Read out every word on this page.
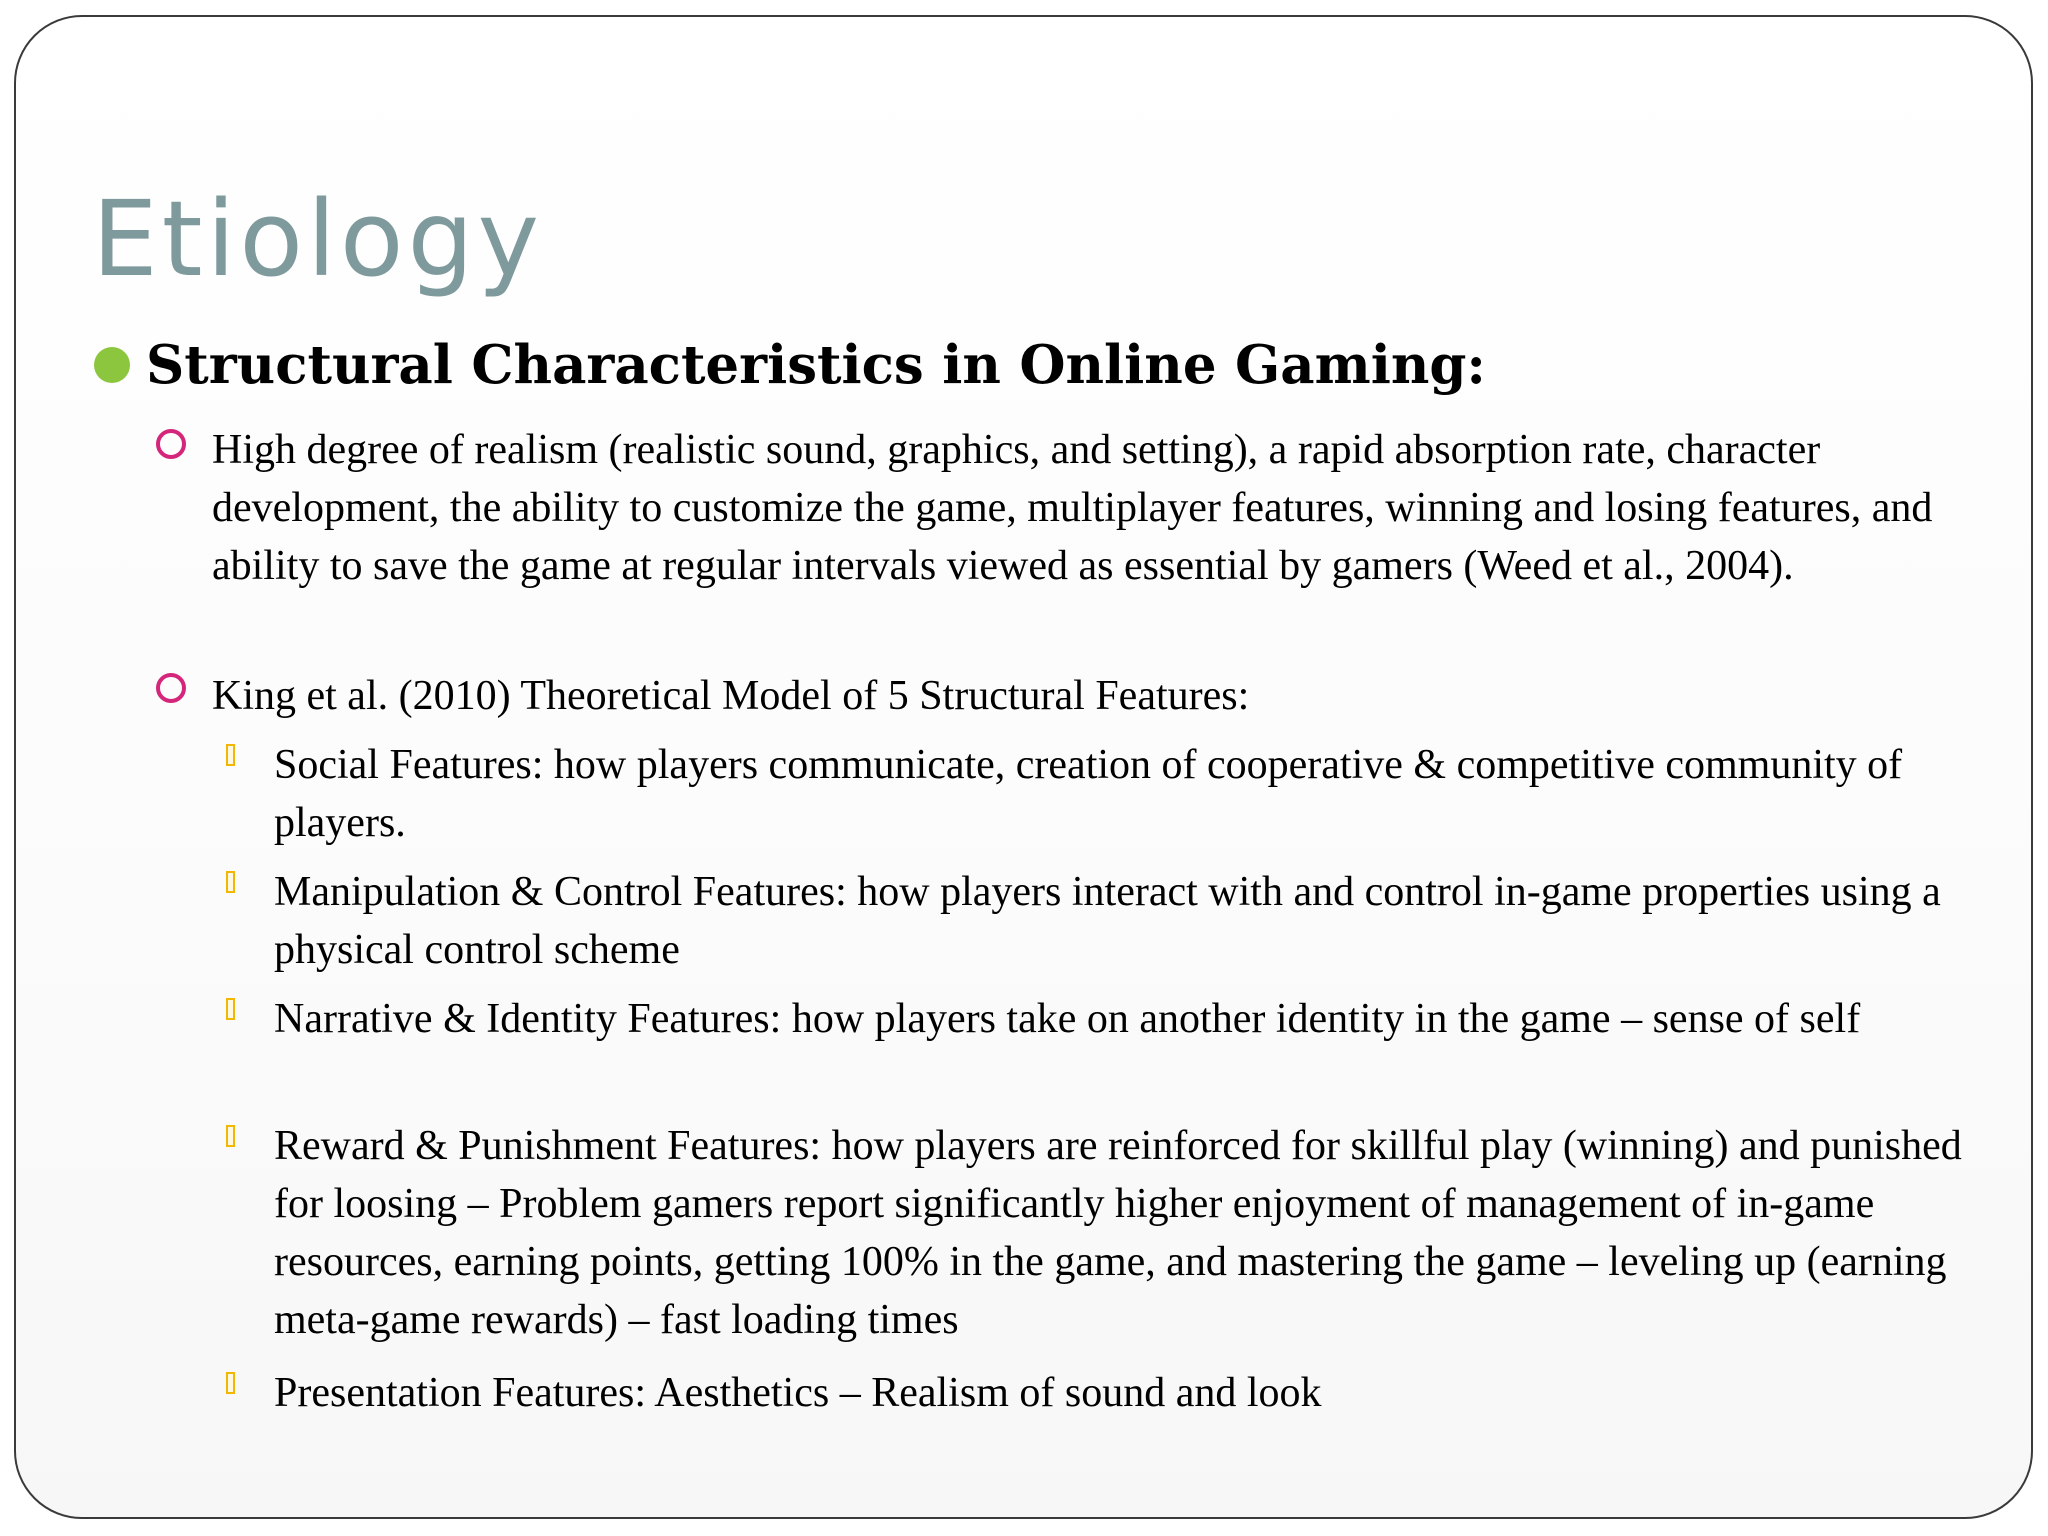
Etiology
Structural Characteristics in Online Gaming:
High degree of realism (realistic sound, graphics, and setting), a rapid absorption rate, character development, the ability to customize the game, multiplayer features, winning and losing features, and ability to save the game at regular intervals viewed as essential by gamers (Weed et al., 2004).
King et al. (2010) Theoretical Model of 5 Structural Features:
Social Features: how players communicate, creation of cooperative & competitive community of players.
Manipulation & Control Features: how players interact with and control in-game properties using a physical control scheme
Narrative & Identity Features: how players take on another identity in the game – sense of self
Reward & Punishment Features: how players are reinforced for skillful play (winning) and punished for loosing – Problem gamers report significantly higher enjoyment of management of in-game resources, earning points, getting 100% in the game, and mastering the game – leveling up (earning meta-game rewards) – fast loading times
Presentation Features: Aesthetics – Realism of sound and look
